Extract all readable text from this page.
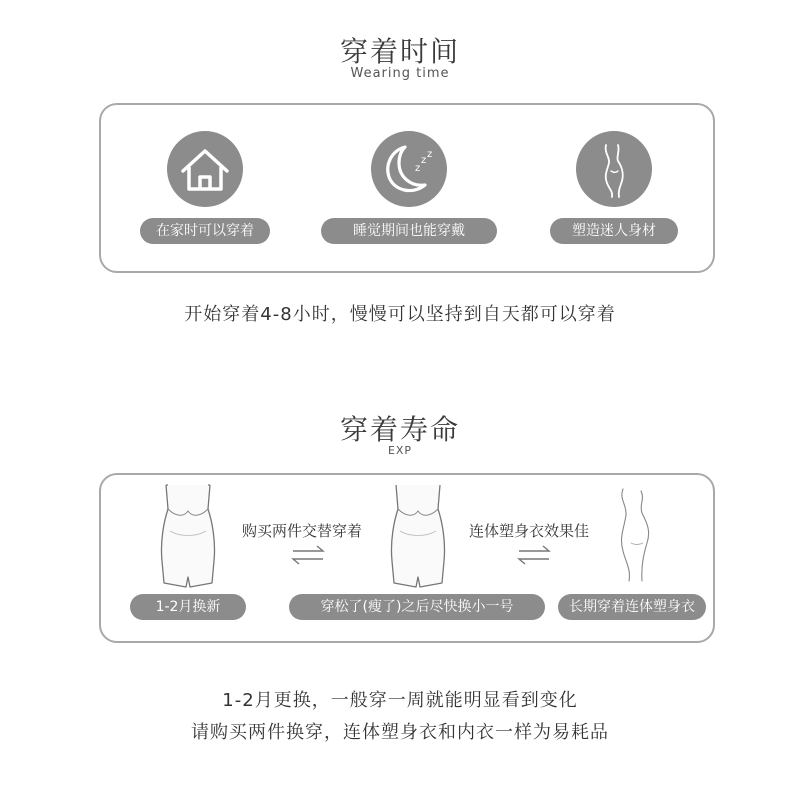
穿着时间
Wearing time
在家时可以穿着
z
z
z
睡觉期间也能穿戴	塑造迷人身材
开始穿着4-8小时，慢慢可以坚持到自天都可以穿着
穿着寿命
EXP
1-2月换新
购买两件交替穿着
穿松了(瘦了)之后尽快换小一号
连体塑身衣效果佳
长期穿着连体塑身衣
1-2月更换，一般穿一周就能明显看到变化
请购买两件换穿，连体塑身衣和内衣一样为易耗品
